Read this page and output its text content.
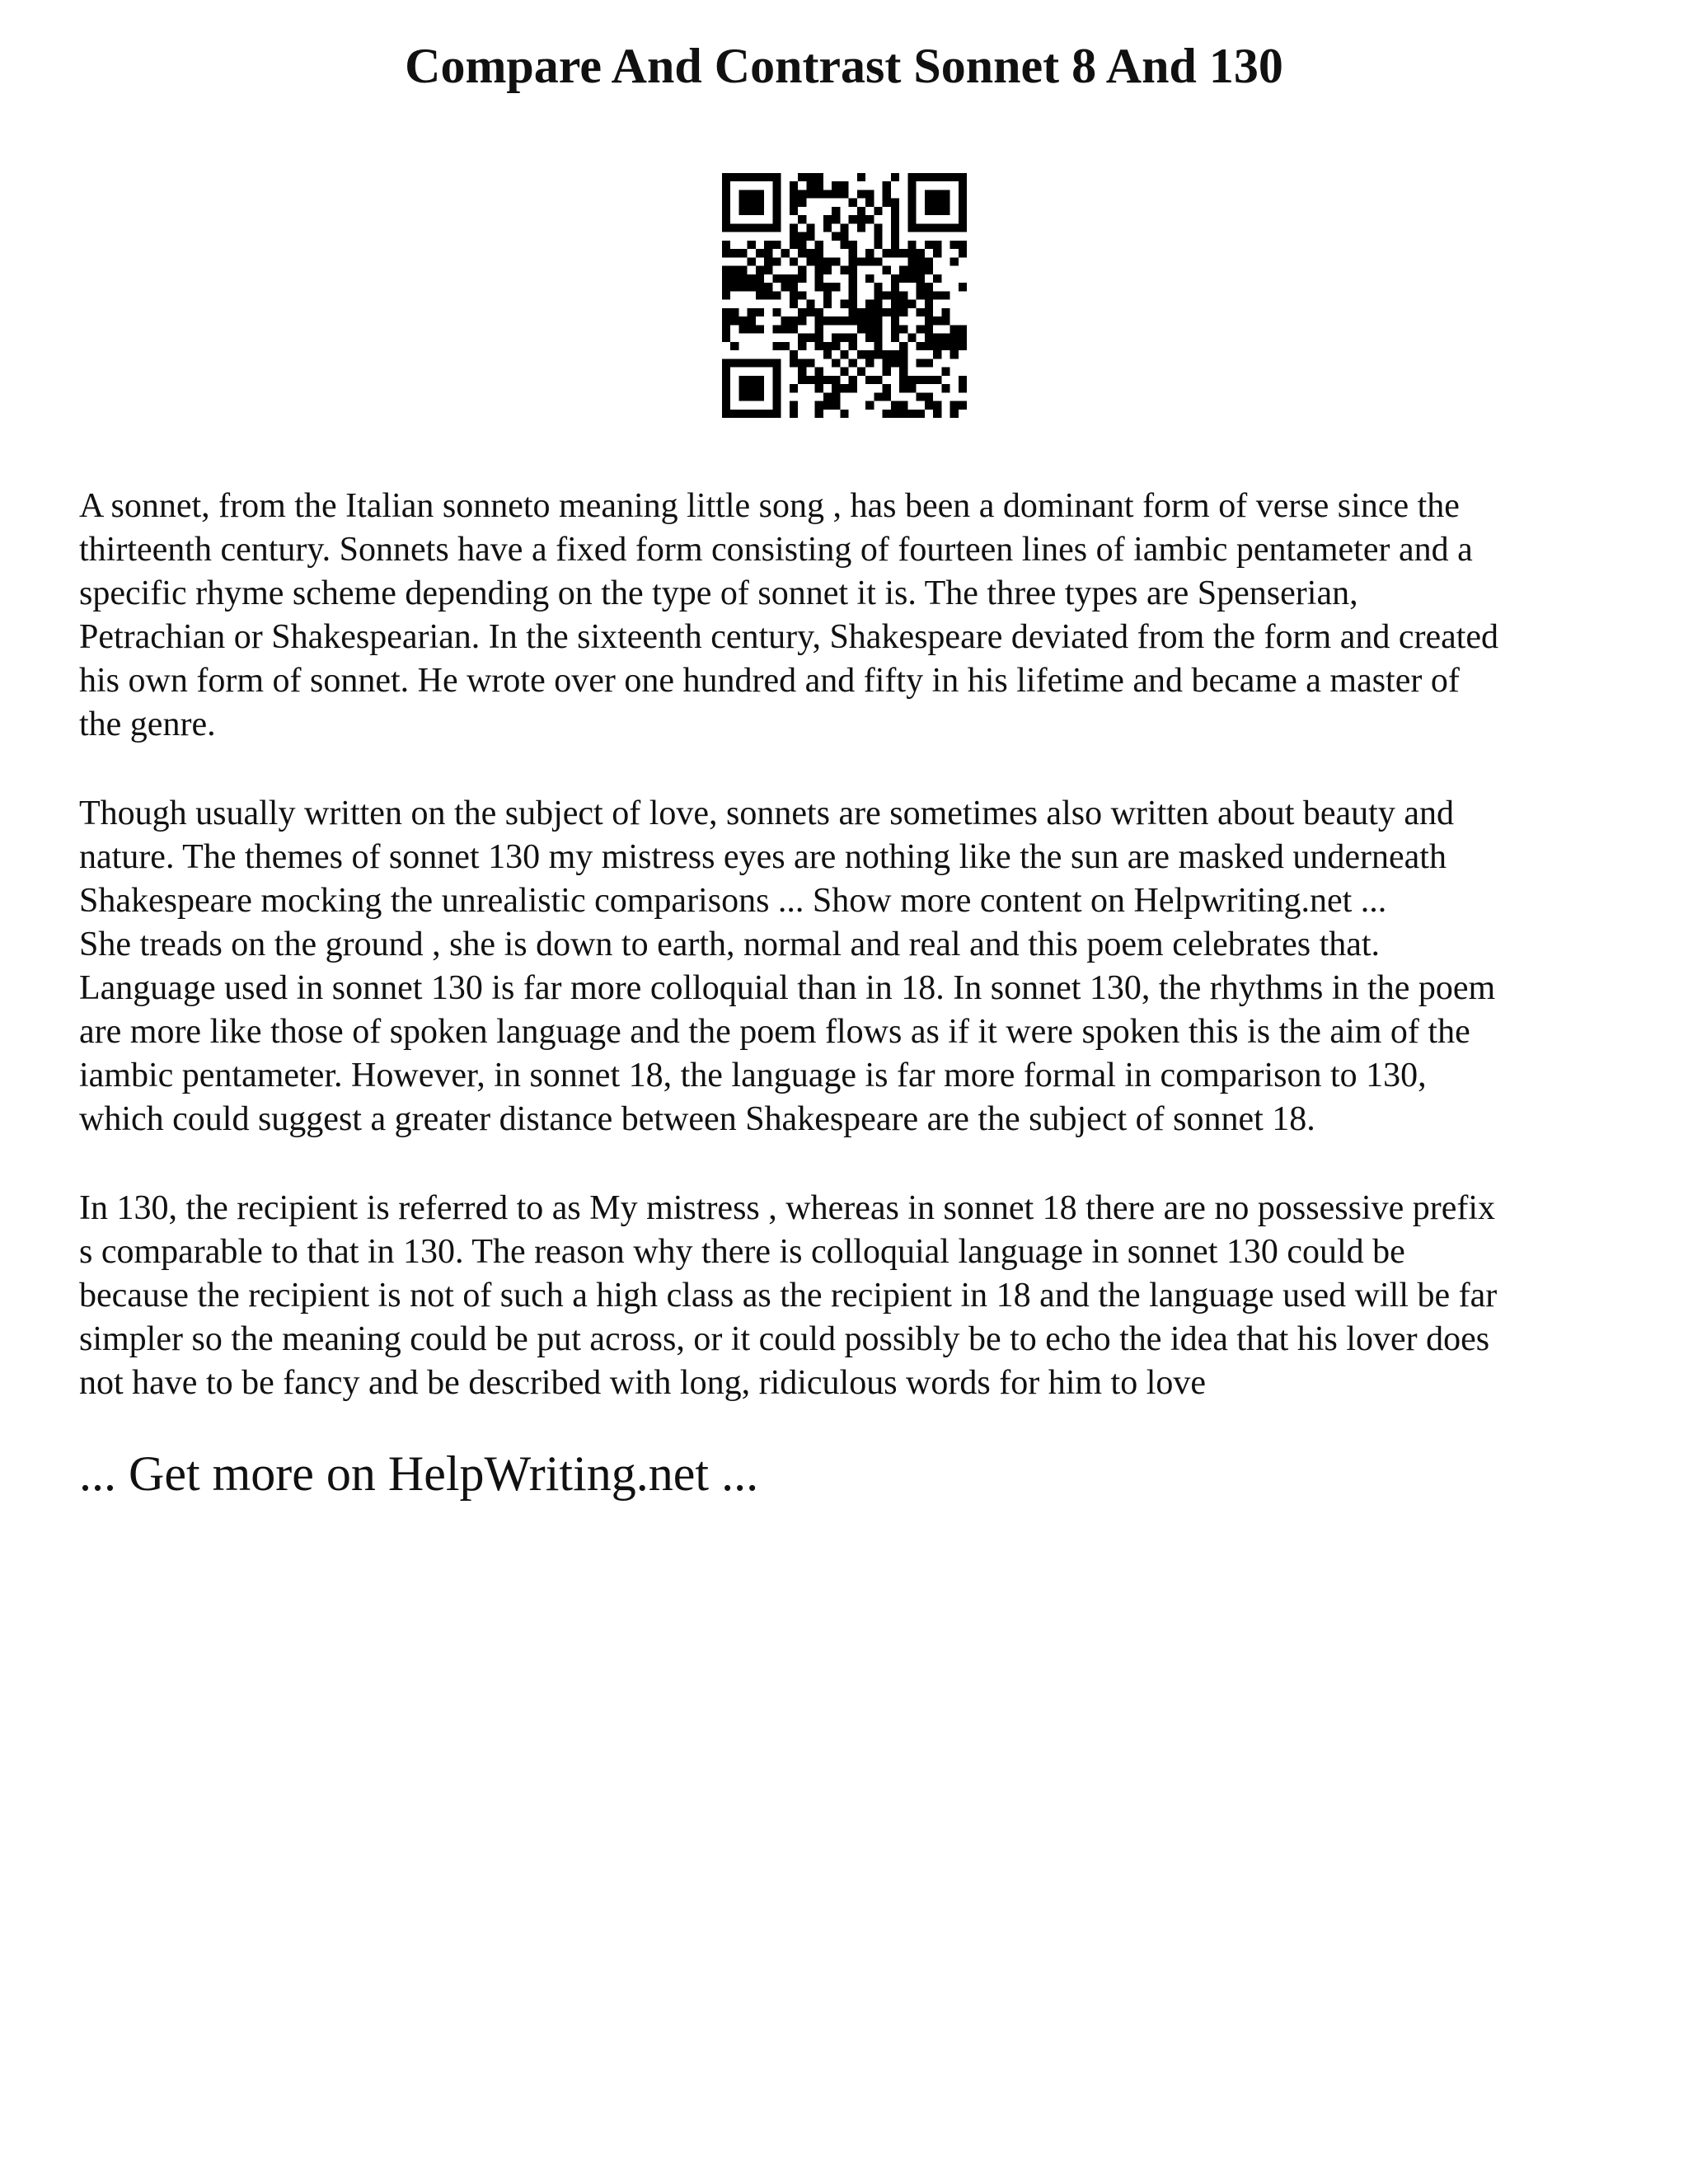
Compare And Contrast Sonnet 8 And 130
A sonnet, from the Italian sonneto meaning little song , has been a dominant form of verse since the
thirteenth century. Sonnets have a fixed form consisting of fourteen lines of iambic pentameter and a
specific rhyme scheme depending on the type of sonnet it is. The three types are Spenserian,
Petrachian or Shakespearian. In the sixteenth century, Shakespeare deviated from the form and created
his own form of sonnet. He wrote over one hundred and fifty in his lifetime and became a master of
the genre.
Though usually written on the subject of love, sonnets are sometimes also written about beauty and
nature. The themes of sonnet 130 my mistress eyes are nothing like the sun are masked underneath
Shakespeare mocking the unrealistic comparisons ... Show more content on Helpwriting.net ...
She treads on the ground , she is down to earth, normal and real and this poem celebrates that.
Language used in sonnet 130 is far more colloquial than in 18. In sonnet 130, the rhythms in the poem
are more like those of spoken language and the poem flows as if it were spoken this is the aim of the
iambic pentameter. However, in sonnet 18, the language is far more formal in comparison to 130,
which could suggest a greater distance between Shakespeare are the subject of sonnet 18.
In 130, the recipient is referred to as My mistress , whereas in sonnet 18 there are no possessive prefix
s comparable to that in 130. The reason why there is colloquial language in sonnet 130 could be
because the recipient is not of such a high class as the recipient in 18 and the language used will be far
simpler so the meaning could be put across, or it could possibly be to echo the idea that his lover does
not have to be fancy and be described with long, ridiculous words for him to love

... Get more on HelpWriting.net ...
